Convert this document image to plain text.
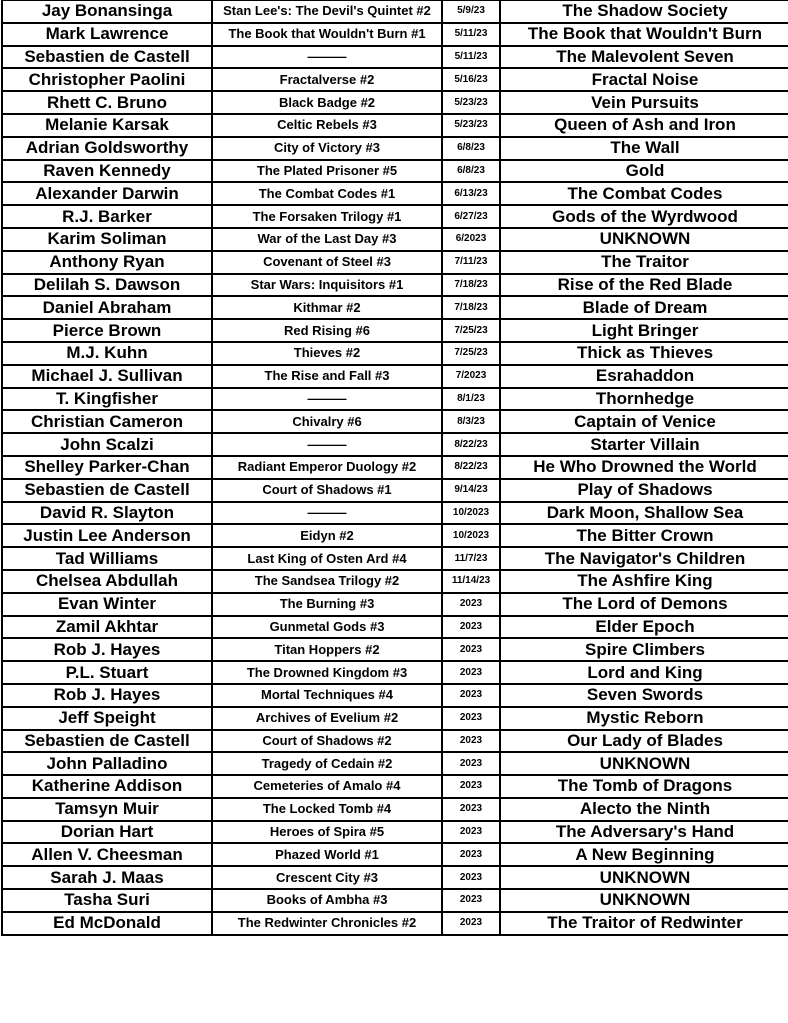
Jay Bonansinga	Stan Lee's: The Devil's Quintet #2	5/9/23	The Shadow Society
Mark Lawrence	The Book that Wouldn't Burn #1	5/11/23	The Book that Wouldn't Burn
Sebastien de Castell	———	5/11/23	The Malevolent Seven
Christopher Paolini	Fractalverse #2	5/16/23	Fractal Noise
Rhett C. Bruno	Black Badge #2	5/23/23	Vein Pursuits
Melanie Karsak	Celtic Rebels #3	5/23/23	Queen of Ash and Iron
Adrian Goldsworthy	City of Victory #3	6/8/23	The Wall
Raven Kennedy	The Plated Prisoner #5	6/8/23	Gold
Alexander Darwin	The Combat Codes #1	6/13/23	The Combat Codes
R.J. Barker	The Forsaken Trilogy #1	6/27/23	Gods of the Wyrdwood
Karim Soliman	War of the Last Day #3	6/2023	UNKNOWN
Anthony Ryan	Covenant of Steel #3	7/11/23	The Traitor
Delilah S. Dawson	Star Wars: Inquisitors #1	7/18/23	Rise of the Red Blade
Daniel Abraham	Kithmar #2	7/18/23	Blade of Dream
Pierce Brown	Red Rising #6	7/25/23	Light Bringer
M.J. Kuhn	Thieves #2	7/25/23	Thick as Thieves
Michael J. Sullivan	The Rise and Fall #3	7/2023	Esrahaddon
T. Kingfisher	———	8/1/23	Thornhedge
Christian Cameron	Chivalry #6	8/3/23	Captain of Venice
John Scalzi	———	8/22/23	Starter Villain
Shelley Parker-Chan	Radiant Emperor Duology #2	8/22/23	He Who Drowned the World
Sebastien de Castell	Court of Shadows #1	9/14/23	Play of Shadows
David R. Slayton	———	10/2023	Dark Moon, Shallow Sea
Justin Lee Anderson	Eidyn #2	10/2023	The Bitter Crown
Tad Williams	Last King of Osten Ard #4	11/7/23	The Navigator's Children
Chelsea Abdullah	The Sandsea Trilogy #2	11/14/23	The Ashfire King
Evan Winter	The Burning #3	2023	The Lord of Demons
Zamil Akhtar	Gunmetal Gods #3	2023	Elder Epoch
Rob J. Hayes	Titan Hoppers #2	2023	Spire Climbers
P.L. Stuart	The Drowned Kingdom #3	2023	Lord and King
Rob J. Hayes	Mortal Techniques #4	2023	Seven Swords
Jeff Speight	Archives of Evelium #2	2023	Mystic Reborn
Sebastien de Castell	Court of Shadows #2	2023	Our Lady of Blades
John Palladino	Tragedy of Cedain #2	2023	UNKNOWN
Katherine Addison	Cemeteries of Amalo #4	2023	The Tomb of Dragons
Tamsyn Muir	The Locked Tomb #4	2023	Alecto the Ninth
Dorian Hart	Heroes of Spira #5	2023	The Adversary's Hand
Allen V. Cheesman	Phazed World #1	2023	A New Beginning
Sarah J. Maas	Crescent City #3	2023	UNKNOWN
Tasha Suri	Books of Ambha #3	2023	UNKNOWN
Ed McDonald	The Redwinter Chronicles #2	2023	The Traitor of Redwinter
